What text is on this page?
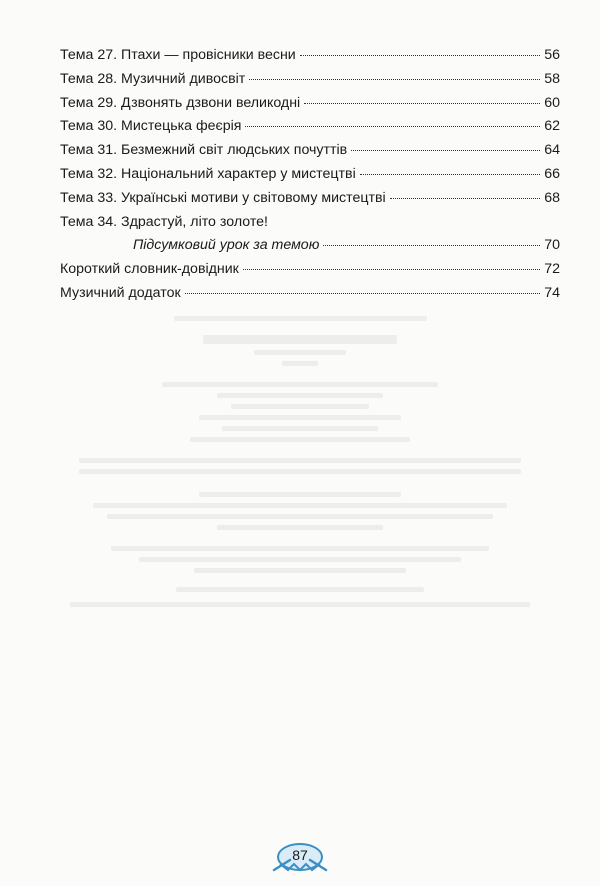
Тема 27. Птахи — провісники весни	56
Тема 28. Музичний дивосвіт	58
Тема 29. Дзвонять дзвони великодні	60
Тема 30. Мистецька феєрія	62
Тема 31. Безмежний світ людських почуттів	64
Тема 32. Національний характер у мистецтві	66
Тема 33. Українські мотиви у світовому мистецтві	68
Тема 34. Здрастуй, літо золоте!
Підсумковий урок за темою	70
Короткий словник-довідник	72
Музичний додаток	74
87
